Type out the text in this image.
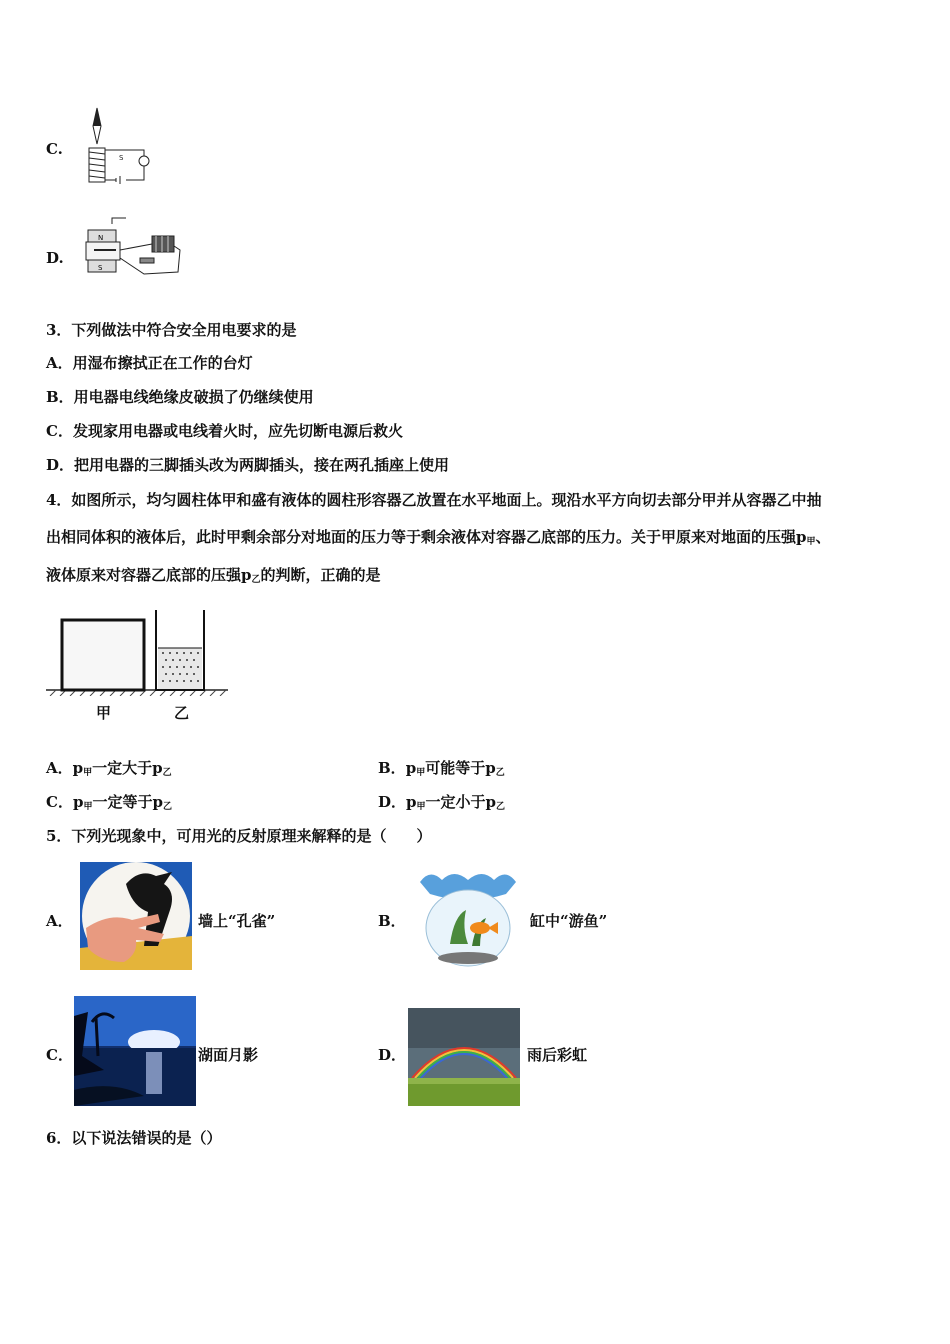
C.	S
D.
N
S
3．下列做法中符合安全用电要求的是
A．用湿布擦拭正在工作的台灯
B．用电器电线绝缘皮破损了仍继续使用
C．发现家用电器或电线着火时，应先切断电源后救火
D．把用电器的三脚插头改为两脚插头，接在两孔插座上使用
4．如图所示，均匀圆柱体甲和盛有液体的圆柱形容器乙放置在水平地面上。现沿水平方向切去部分甲并从容器乙中抽
出相同体积的液体后，此时甲剩余部分对地面的压力等于剩余液体对容器乙底部的压力。关于甲原来对地面的压强$p_甲$、
液体原来对容器乙底部的压强$p_乙$的判断，正确的是
甲	乙
A．$p_甲$一定大于$p_乙$	B．$p_甲$可能等于$p_乙$
C．$p_甲$一定等于$p_乙$	D．$p_甲$一定小于$p_乙$
5．下列光现象中，可用光的反射原理来解释的是（　　）
A．	墙上“孔雀”	B．	缸中“游鱼”
C．	湖面月影	D．	雨后彩虹
6．以下说法错误的是（）
